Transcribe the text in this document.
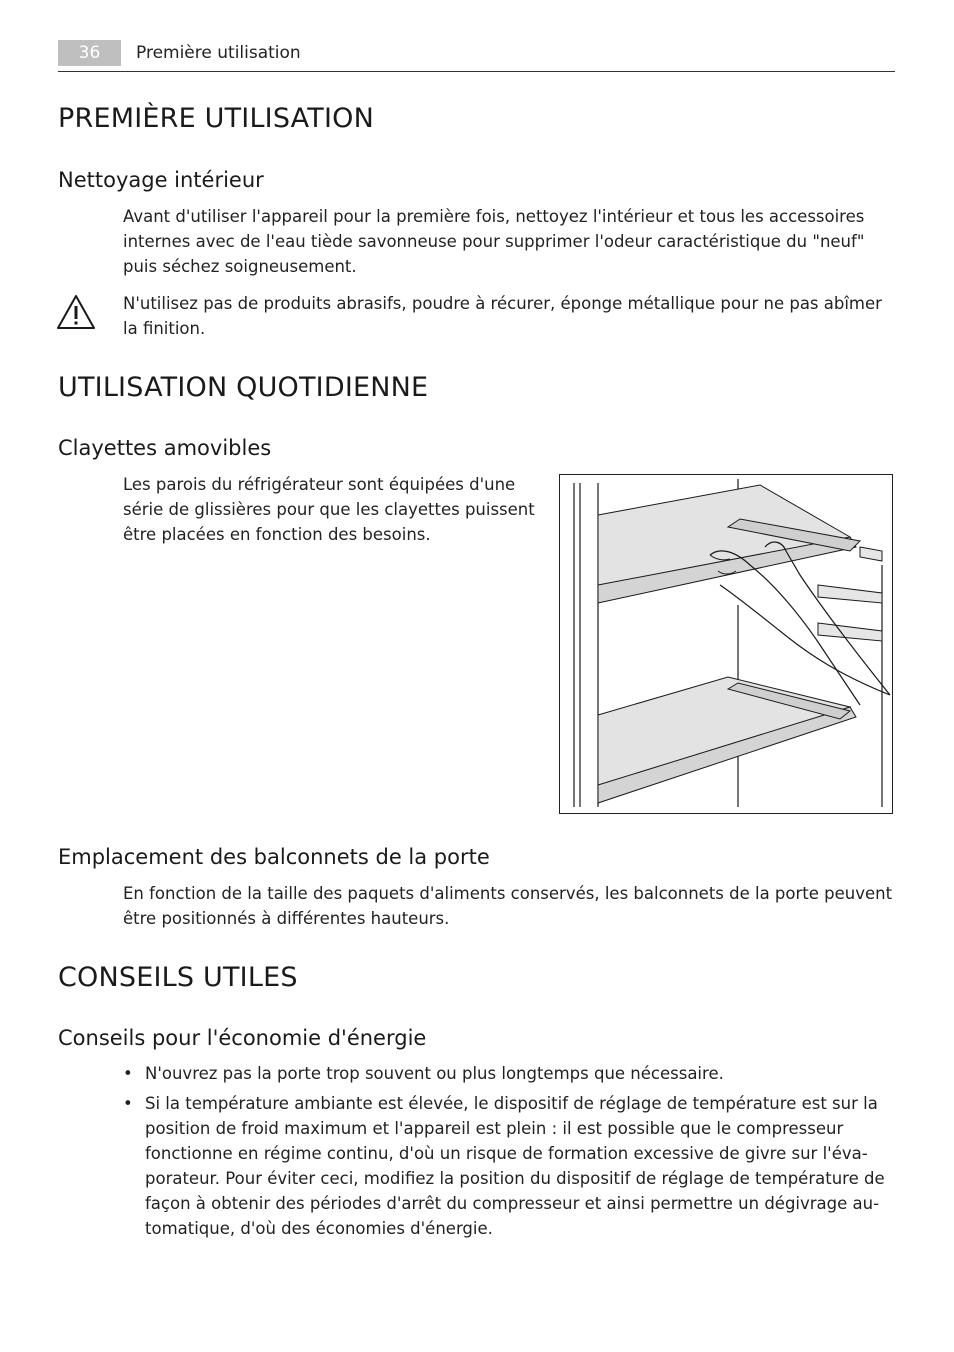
36	Première utilisation
PREMIÈRE UTILISATION
Nettoyage intérieur

Avant d'utiliser l'appareil pour la première fois, nettoyez l'intérieur et tous les accessoires internes avec de l'eau tiède savonneuse pour supprimer l'odeur caractéristique du "neuf" puis séchez soigneusement.

N'utilisez pas de produits abrasifs, poudre à récurer, éponge métallique pour ne pas abîmer la finition.

UTILISATION QUOTIDIENNE
Clayettes amovibles

Les parois du réfrigérateur sont équipées d'une série de glissières pour que les clayettes puissent être placées en fonction des besoins.

Emplacement des balconnets de la porte

En fonction de la taille des paquets d'aliments conservés, les balconnets de la porte peuvent être positionnés à différentes hauteurs.

CONSEILS UTILES
Conseils pour l'économie d'énergie
• N'ouvrez pas la porte trop souvent ou plus longtemps que nécessaire.
• Si la température ambiante est élevée, le dispositif de réglage de température est sur la position de froid maximum et l'appareil est plein : il est possible que le compresseur fonctionne en régime continu, d'où un risque de formation excessive de givre sur l'éva-porateur. Pour éviter ceci, modifiez la position du dispositif de réglage de température de façon à obtenir des périodes d'arrêt du compresseur et ainsi permettre un dégivrage au-tomatique, d'où des économies d'énergie.
